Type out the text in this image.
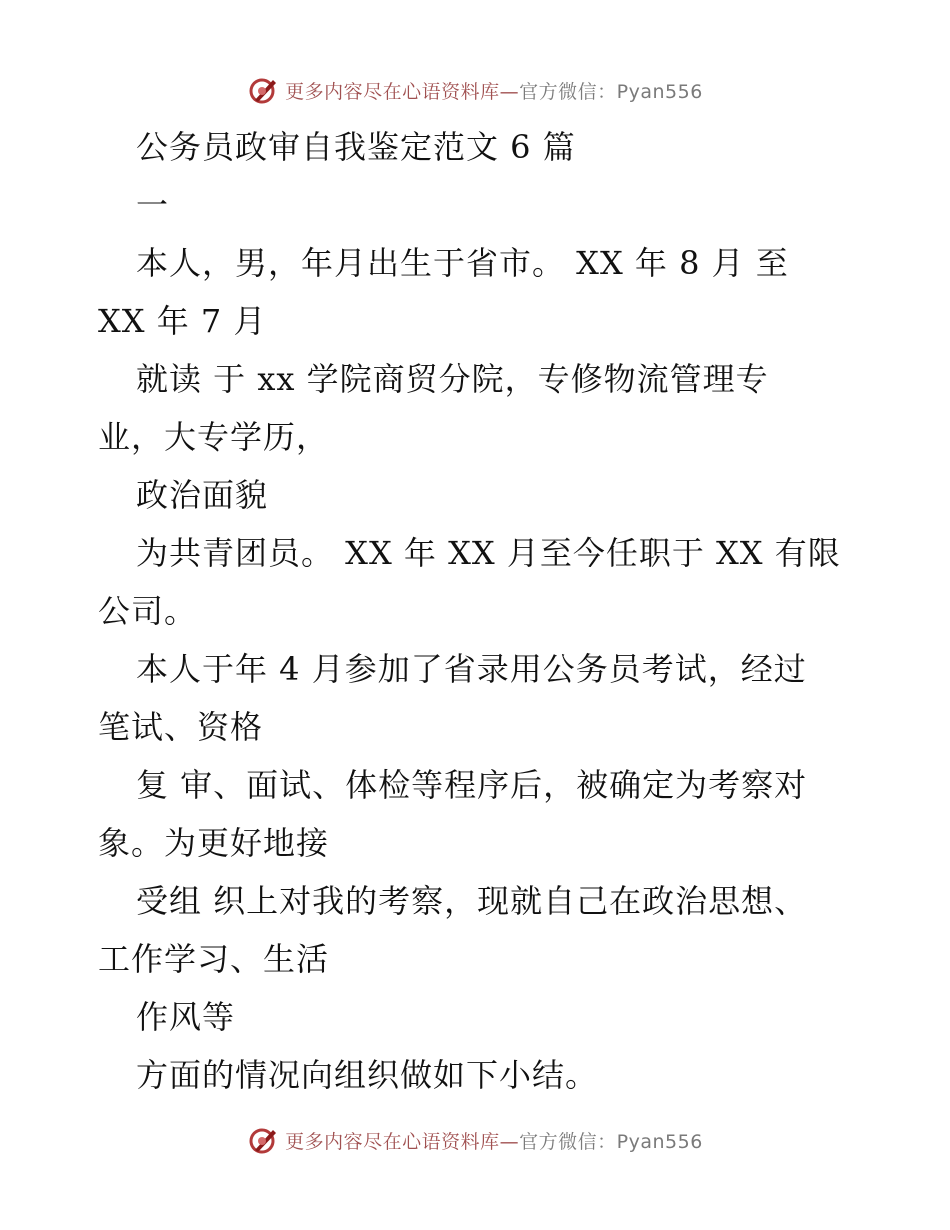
更多内容尽在心语资料库—官方微信：Pyan556
公务员政审自我鉴定范文 6 篇
一
本人，男，年月出生于省市。 XX 年 8 月 至
XX 年 7 月
就读 于 xx 学院商贸分院，专修物流管理专
业，大专学历，
政治面貌
为共青团员。 XX 年 XX 月至今任职于 XX 有限
公司。
本人于年 4 月参加了省录用公务员考试，经过
笔试、资格
复 审、面试、体检等程序后，被确定为考察对
象。为更好地接
受组 织上对我的考察，现就自己在政治思想、
工作学习、生活
作风等
方面的情况向组织做如下小结。
更多内容尽在心语资料库—官方微信：Pyan556
